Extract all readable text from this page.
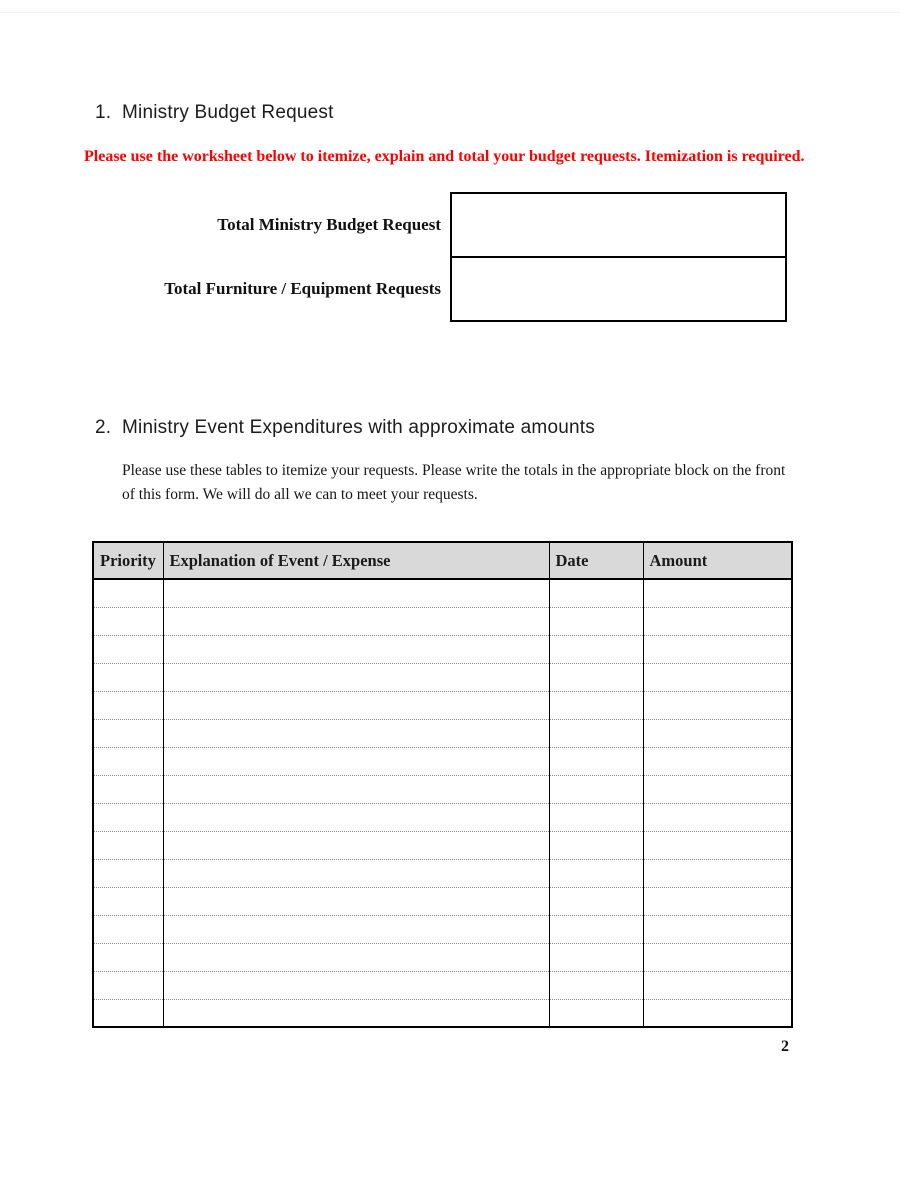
1. Ministry Budget Request
Please use the worksheet below to itemize, explain and total your budget requests. Itemization is required.
Total Ministry Budget Request
Total Furniture / Equipment Requests
2. Ministry Event Expenditures with approximate amounts
Please use these tables to itemize your requests. Please write the totals in the appropriate block on the front of this form. We will do all we can to meet your requests.
Priority	Explanation of Event / Expense	Date	Amount

2
